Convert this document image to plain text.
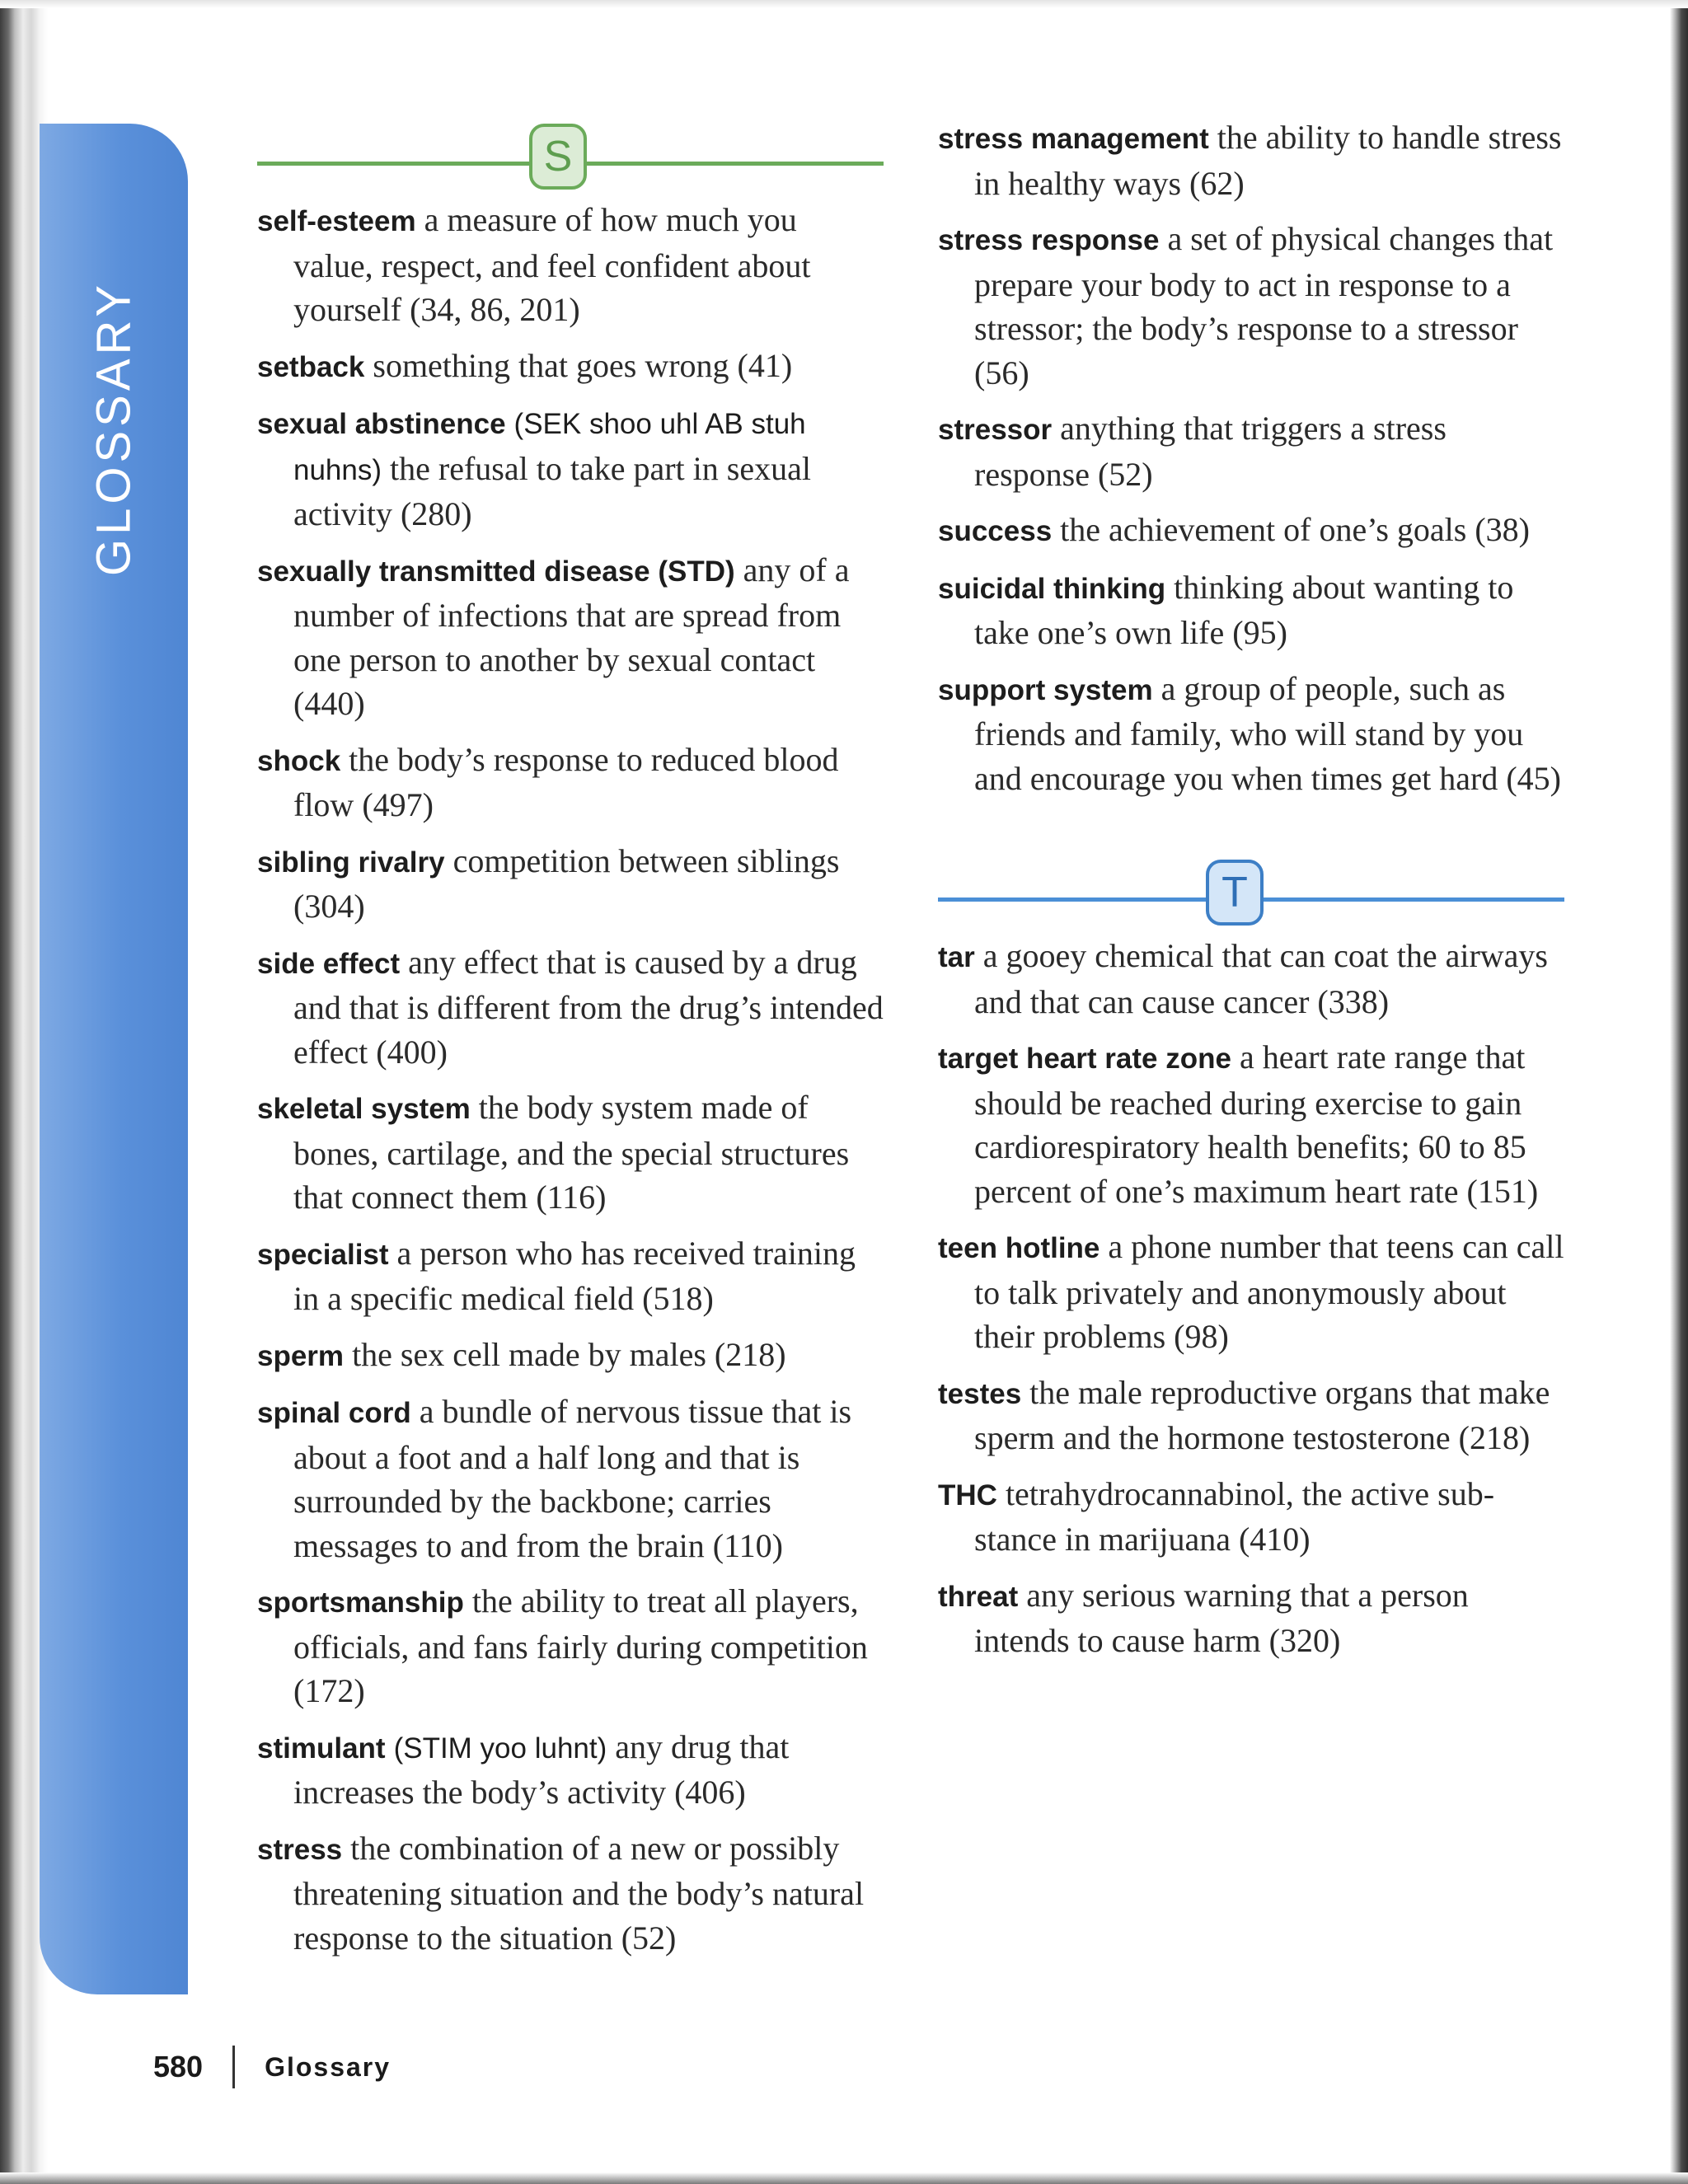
GLOSSARY
S

self-esteem a measure of how much you value, respect, and feel confident about yourself (34, 86, 201)

setback something that goes wrong (41)

sexual abstinence (SEK shoo uhl AB stuh nuhns) the refusal to take part in sexual activity (280)

sexually transmitted disease (STD) any of a number of infections that are spread from one person to another by sexual contact (440)

shock the body’s response to reduced blood flow (497)

sibling rivalry competition between siblings (304)

side effect any effect that is caused by a drug and that is different from the drug’s intended effect (400)

skeletal system the body system made of bones, cartilage, and the special structures that connect them (116)

specialist a person who has received training in a specific medical field (518)

sperm the sex cell made by males (218)

spinal cord a bundle of nervous tissue that is about a foot and a half long and that is surrounded by the backbone; carries messages to and from the brain (110)

sportsmanship the ability to treat all players, officials, and fans fairly during competition (172)

stimulant (STIM yoo luhnt) any drug that increases the body’s activity (406)

stress the combination of a new or possibly threatening situation and the body’s natural response to the situation (52)

stress management the ability to handle stress in healthy ways (62)

stress response a set of physical changes that prepare your body to act in response to a stressor; the body’s response to a stressor (56)

stressor anything that triggers a stress response (52)

success the achievement of one’s goals (38)

suicidal thinking thinking about wanting to take one’s own life (95)

support system a group of people, such as friends and family, who will stand by you and encourage you when times get hard (45)

T

tar a gooey chemical that can coat the airways and that can cause cancer (338)

target heart rate zone a heart rate range that should be reached during exercise to gain cardiorespiratory health benefits; 60 to 85 percent of one’s maximum heart rate (151)

teen hotline a phone number that teens can call to talk privately and anonymously about their problems (98)

testes the male reproductive organs that make sperm and the hormone testosterone (218)

THC tetrahydrocannabinol, the active substance in marijuana (410)

threat any serious warning that a person intends to cause harm (320)

580 Glossary
